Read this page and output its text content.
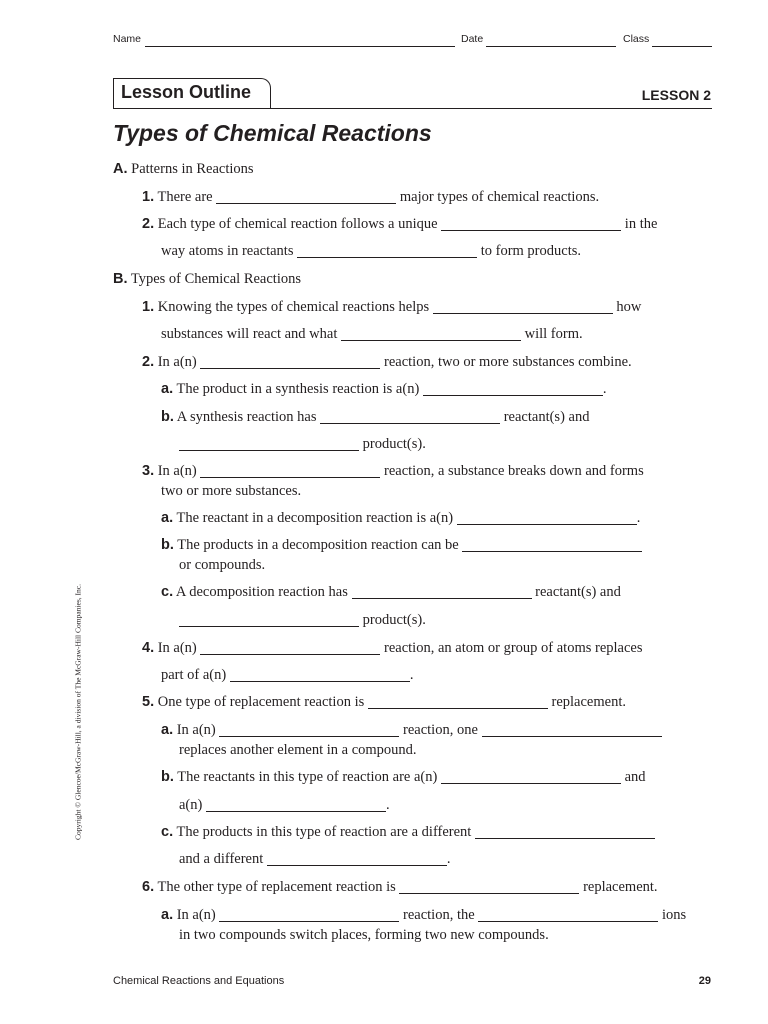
Name	Date	Class
Lesson Outline	LESSON 2
Types of Chemical Reactions
A. Patterns in Reactions
1. There are	major types of chemical reactions.
2. Each type of chemical reaction follows a unique	in the
way atoms in reactants	to form products.
B. Types of Chemical Reactions
1. Knowing the types of chemical reactions helps	how
substances will react and what	will form.
2. In a(n)	reaction, two or more substances combine.
a. The product in a synthesis reaction is a(n)	.
b. A synthesis reaction has	reactant(s) and
product(s).
3. In a(n)	reaction, a substance breaks down and forms
two or more substances.
a. The reactant in a decomposition reaction is a(n)	.
b. The products in a decomposition reaction can be
or compounds.
c. A decomposition reaction has	reactant(s) and
product(s).
4. In a(n)	reaction, an atom or group of atoms replaces
part of a(n)	.
5. One type of replacement reaction is	replacement.
a. In a(n)	reaction, one
replaces another element in a compound.
b. The reactants in this type of reaction are a(n)	and
a(n)	.
c. The products in this type of reaction are a different
and a different	.
6. The other type of replacement reaction is	replacement.
a. In a(n)	reaction, the	ions
in two compounds switch places, forming two new compounds.
Copyright © Glencoe/McGraw-Hill, a division of The McGraw-Hill Companies, Inc.
Chemical Reactions and Equations	29
